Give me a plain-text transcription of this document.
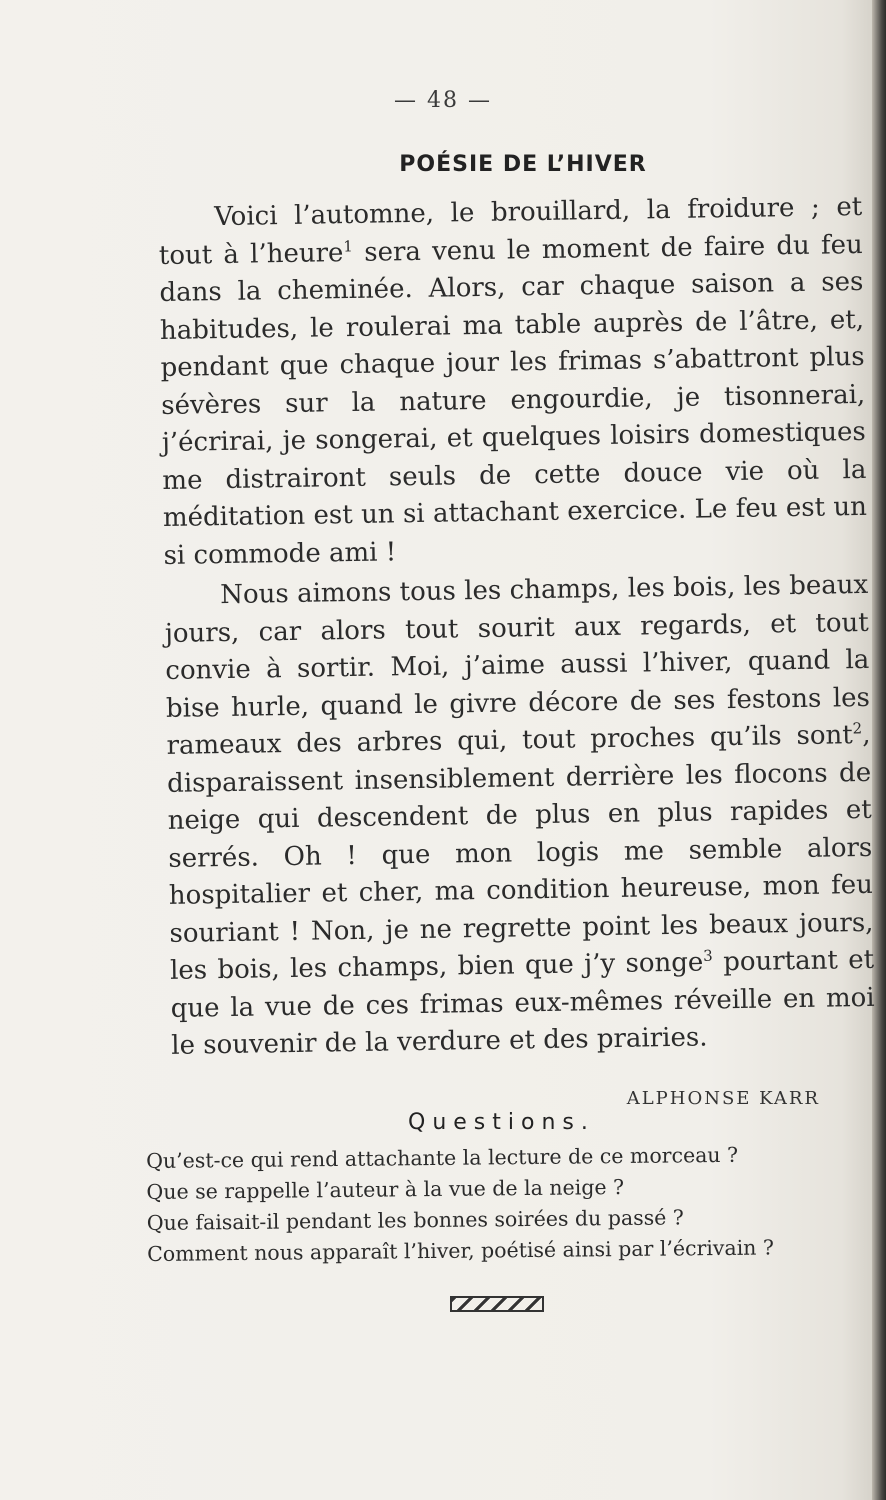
— 48 —
POÉSIE DE L’HIVER

Voici l’automne, le brouillard, la froidure ; et tout à l’heure$^1$ sera venu le moment de faire du feu dans la cheminée. Alors, car chaque saison a ses habitudes, le roulerai ma table auprès de l’âtre, et, pendant que chaque jour les frimas s’abattront plus sévères sur la nature engourdie, je tisonnerai, j’écrirai, je songerai, et quelques loisirs domestiques me distrairont seuls de cette douce vie où la méditation est un si attachant exercice. Le feu est un si commode ami !

Nous aimons tous les champs, les bois, les beaux jours, car alors tout sourit aux regards, et tout convie à sortir. Moi, j’aime aussi l’hiver, quand la bise hurle, quand le givre décore de ses festons les rameaux des arbres qui, tout proches qu’ils sont$^2$, disparaissent insensiblement derrière les flocons de neige qui descendent de plus en plus rapides et serrés. Oh ! que mon logis me semble alors hospitalier et cher, ma condition heureuse, mon feu souriant ! Non, je ne regrette point les beaux jours, les bois, les champs, bien que j’y songe$^3$ pourtant et que la vue de ces frimas eux-mêmes réveille en moi le souvenir de la verdure et des prairies.

ALPHONSE KARR
Questions.
Qu’est-ce qui rend attachante la lecture de ce morceau ?
Que se rappelle l’auteur à la vue de la neige ?
Que faisait-il pendant les bonnes soirées du passé ?
Comment nous apparaît l’hiver, poétisé ainsi par l’écrivain ?
